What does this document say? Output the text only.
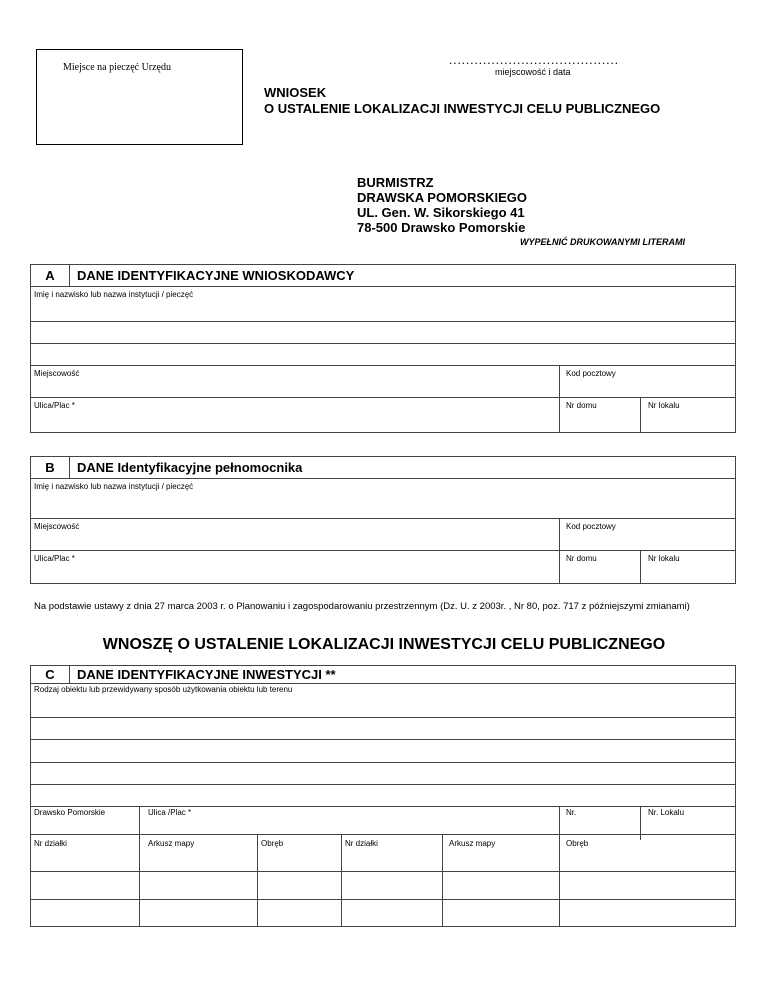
Miejsce na pieczęć Urzędu
........................................
miejscowość i data
WNIOSEK
O USTALENIE LOKALIZACJI INWESTYCJI CELU PUBLICZNEGO
BURMISTRZ
DRAWSKA POMORSKIEGO
UL. Gen. W. Sikorskiego 41
78-500 Drawsko Pomorskie
WYPEŁNIĆ DRUKOWANYMI LITERAMI
A	DANE IDENTYFIKACYJNE WNIOSKODAWCY
Imię i nazwisko lub nazwa instytucji / pieczęć
Miejscowość	Kod pocztowy
Ulica/Plac *	Nr domu	Nr lokalu
B	DANE Identyfikacyjne pełnomocnika
Imię i nazwisko lub nazwa instytucji / pieczęć
Miejscowość	Kod pocztowy
Ulica/Plac *	Nr domu	Nr lokalu
Na podstawie ustawy z dnia 27 marca 2003 r. o Planowaniu i zagospodarowaniu przestrzennym (Dz. U. z 2003r. , Nr 80, poz. 717 z późniejszymi zmianami)
WNOSZĘ O USTALENIE LOKALIZACJI INWESTYCJI CELU PUBLICZNEGO
C	DANE IDENTYFIKACYJNE INWESTYCJI **
Rodzaj obiektu lub przewidywany sposób użytkowania obiektu lub terenu
Drawsko Pomorskie	Ulica /Plac *	Nr.	Nr. Lokalu
Nr działki	Arkusz mapy	Obręb	Nr działki	Arkusz mapy	Obręb
